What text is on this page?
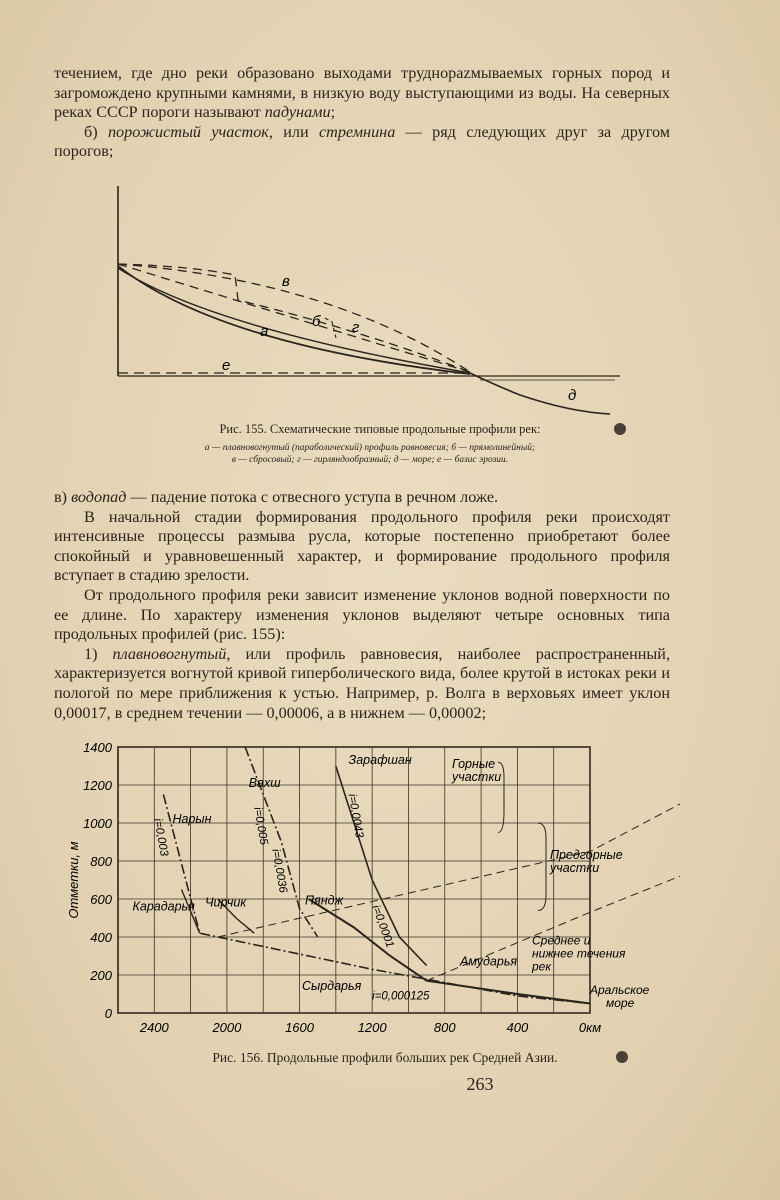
течением, где дно реки образовано выходами труднорazмываемых горных пород и загромождено крупными камнями, в низкую воду выступающими из воды. На северных реках СССР пороги называют падунами;

б) порожистый участок, или стремнина — ряд следующих друг за другом порогов;

в
б г
а
е
д
Рис. 155. Схематические типовые продольные профили рек:
а — плавновогнутый (параболический) профиль равновесия; б — прямолинейный;
в — сбросовый; г — гирляндообразный; д — море; е — базис эрозии.

в) водопад — падение потока с отвесного уступа в речном ложе.

В начальной стадии формирования продольного профиля реки происходят интенсивные процессы размыва русла, которые постепенно приобретают более спокойный и уравновешенный характер, и формирование продольного профиля вступает в стадию зрелости.

От продольного профиля реки зависит изменение уклонов водной поверхности по ее длине. По характеру изменения уклонов выделяют четыре основных типа продольных профилей (рис. 155):

1) плавновогнутый, или профиль равновесия, наиболее распространенный, характеризуется вогнутой кривой гиперболического вида, более крутой в истоках реки и пологой по мере приближения к устью. Например, р. Волга в верховьях имеет уклон 0,00017, в среднем течении — 0,00006, а в нижнем — 0,00002;

0
200
400
600
800
1000
1200
1400
2400	2000	1600	1200	800	400	0км
Отметки, м
Нарын
Карадарья Чирчик
Вахш
Пяндж
Зарафшан
i=0,003	i=0,005
i=0,0036
i=0,0043
i=0,0001
i=0,000125
Горные участки
Предгорные участки
Среднее и нижнее течения рек
Амударья
Сырдарья	Аральское море
Рис. 156. Продольные профили больших рек Средней Азии.
263
